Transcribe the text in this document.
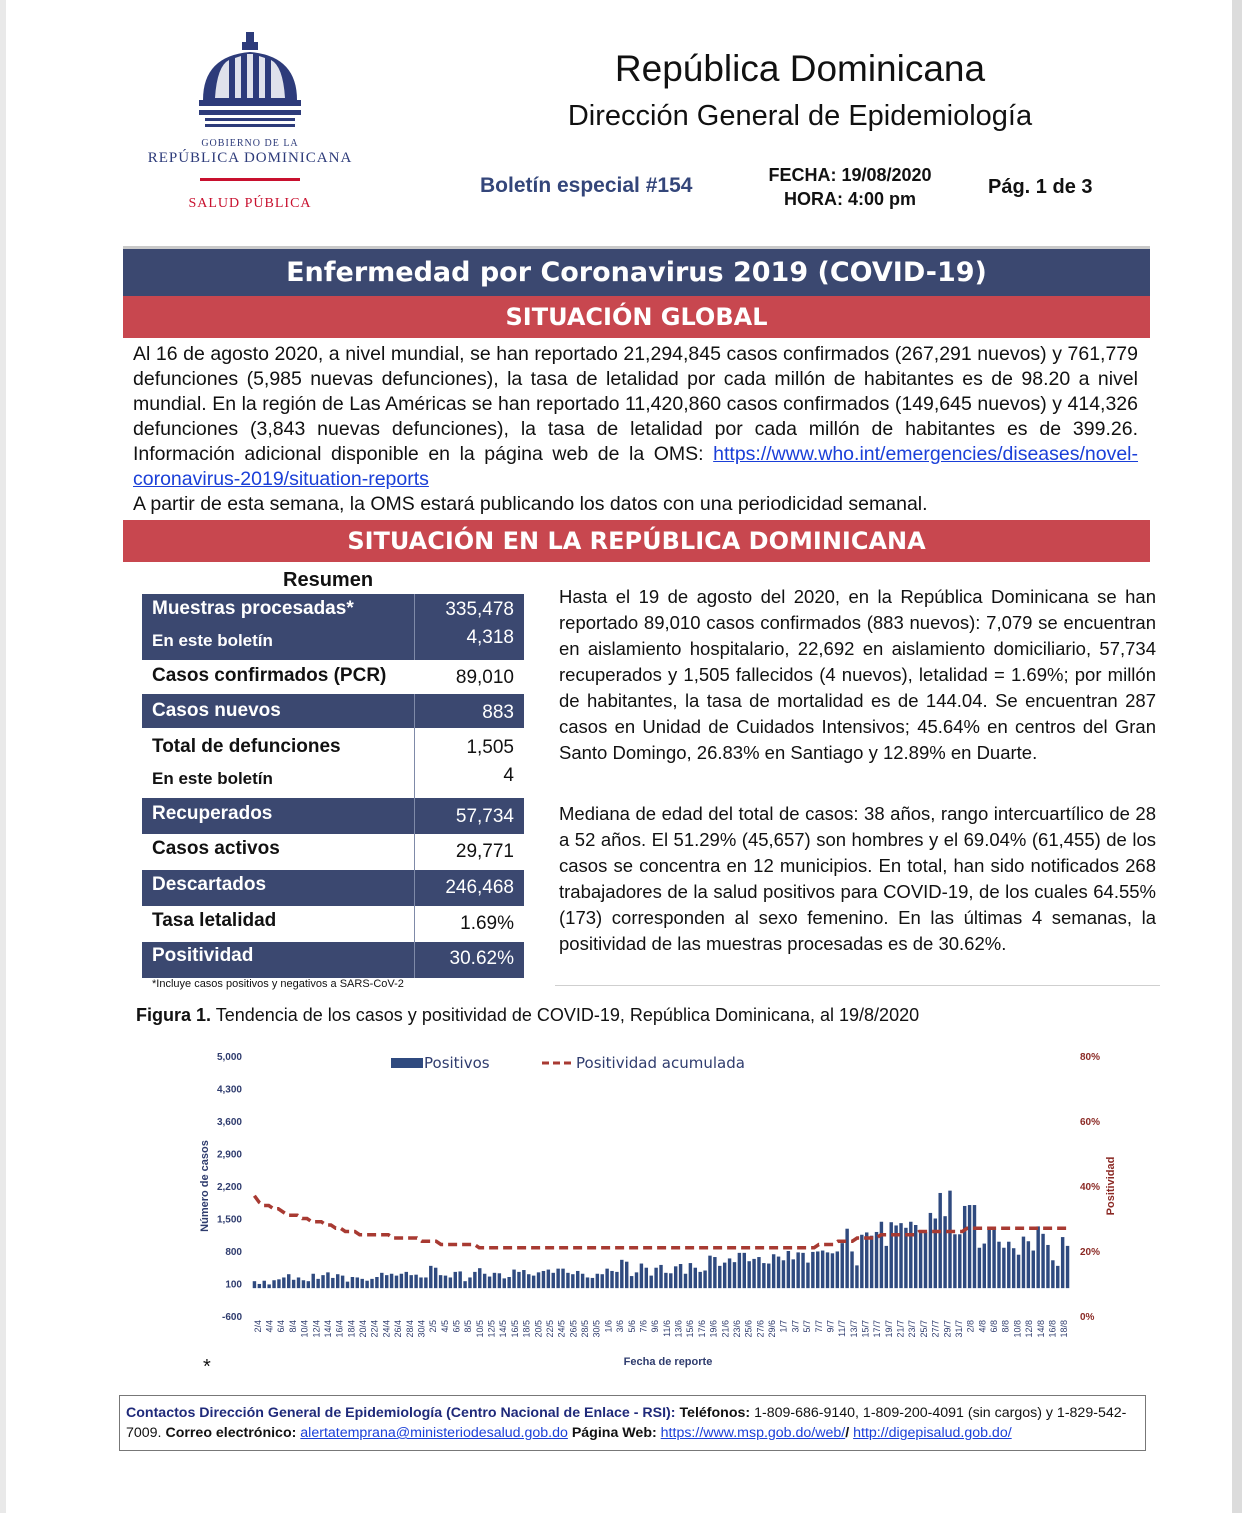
GOBIERNO DE LA
REPÚBLICA DOMINICANA
SALUD PÚBLICA
República Dominicana
Dirección General de Epidemiología
Boletín especial #154	FECHA: 19/08/2020
HORA: 4:00 pm
Pág. 1 de 3
Enfermedad por Coronavirus 2019 (COVID-19)
SITUACIÓN GLOBAL
Al 16 de agosto 2020, a nivel mundial, se han reportado 21,294,845 casos confirmados (267,291 nuevos) y 761,779 defunciones (5,985 nuevas defunciones), la tasa de letalidad por cada millón de habitantes es de 98.20 a nivel mundial. En la región de Las Américas se han reportado 11,420,860 casos confirmados (149,645 nuevos) y 414,326 defunciones (3,843 nuevas defunciones), la tasa de letalidad por cada millón de habitantes es de 399.26. Información adicional disponible en la página web de la OMS: https://www.who.int/emergencies/diseases/novel-coronavirus-2019/situation-reports
A partir de esta semana, la OMS estará publicando los datos con una periodicidad semanal.
SITUACIÓN EN LA REPÚBLICA DOMINICANA
Resumen
Muestras procesadas*	335,478
En este boletín	4,318
Casos confirmados (PCR)	89,010
Casos nuevos	883
Total de defunciones	1,505
En este boletín	4
Recuperados	57,734
Casos activos	29,771
Descartados	246,468
Tasa letalidad	1.69%
Positividad	30.62%
*Incluye casos positivos y negativos a SARS-CoV-2
Hasta el 19 de agosto del 2020, en la República Dominicana se han reportado 89,010 casos confirmados (883 nuevos): 7,079 se encuentran en aislamiento hospitalario, 22,692 en aislamiento domiciliario, 57,734 recuperados y 1,505 fallecidos (4 nuevos), letalidad = 1.69%; por millón de habitantes, la tasa de mortalidad es de 144.04. Se encuentran 287 casos en Unidad de Cuidados Intensivos; 45.64% en centros del Gran Santo Domingo, 26.83% en Santiago y 12.89% en Duarte.
Mediana de edad del total de casos: 38 años, rango intercuartílico de 28 a 52 años. El 51.29% (45,657) son hombres y el 69.04% (61,455) de los casos se concentra en 12 municipios. En total, han sido notificados 268 trabajadores de la salud positivos para COVID-19, de los cuales 64.55% (173) corresponden al sexo femenino. En las últimas 4 semanas, la positividad de las muestras procesadas es de 30.62%.
Figura 1. Tendencia de los casos y positividad de COVID-19, República Dominicana, al 19/8/2020
5,000
4,300
3,600
2,900
2,200
1,500
800
100
-600
80%
60%
40%
20%
0%
Número de casos	Positividad
Fecha de reporte
Positivos	Positividad acumulada
2/4 4/4 6/4 8/4 10/4 12/4 14/4 16/4 18/4 20/4 22/4 24/4 26/4 28/4 30/4 2/5 4/5 6/5 8/5 10/5 12/5 14/5 16/5 18/5 20/5 22/5 24/5 26/5 28/5 30/5 1/6 3/6 5/6 7/6 9/6 11/6 13/6 15/6 17/6 19/6 21/6 23/6 25/6 27/6 29/6 1/7 3/7 5/7 7/7 9/7 11/7 13/7 15/7 17/7 19/7 21/7 23/7 25/7 27/7 29/7 31/7 2/8 4/8 6/8 8/8 10/8 12/8 14/8 16/8 18/8
*
Contactos Dirección General de Epidemiología (Centro Nacional de Enlace - RSI): Teléfonos: 1-809-686-9140, 1-809-200-4091 (sin cargos) y 1-829-542-7009. Correo electrónico: alertatemprana@ministeriodesalud.gob.do Página Web: https://www.msp.gob.do/web// http://digepisalud.gob.do/
